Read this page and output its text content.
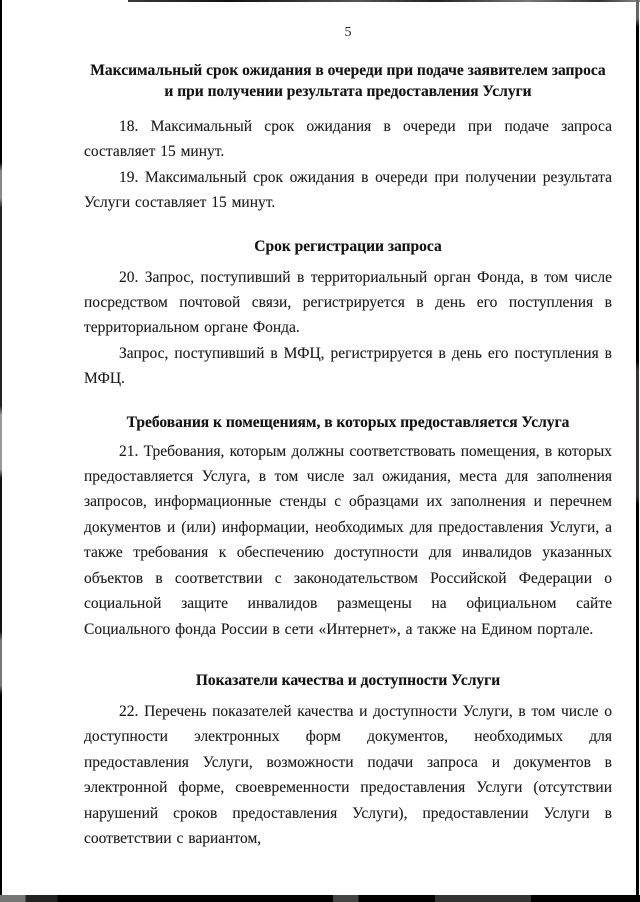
5
Максимальный срок ожидания в очереди при подаче заявителем запроса и при получении результата предоставления Услуги

18. Максимальный срок ожидания в очереди при подаче запроса составляет 15 минут.

19. Максимальный срок ожидания в очереди при получении результата Услуги составляет 15 минут.

Срок регистрации запроса

20. Запрос, поступивший в территориальный орган Фонда, в том числе посредством почтовой связи, регистрируется в день его поступления в территориальном органе Фонда.

Запрос, поступивший в МФЦ, регистрируется в день его поступления в МФЦ.

Требования к помещениям, в которых предоставляется Услуга

21. Требования, которым должны соответствовать помещения, в которых предоставляется Услуга, в том числе зал ожидания, места для заполнения запросов, информационные стенды с образцами их заполнения и перечнем документов и (или) информации, необходимых для предоставления Услуги, а также требования к обеспечению доступности для инвалидов указанных объектов в соответствии с законодательством Российской Федерации о социальной защите инвалидов размещены на официальном сайте Социального фонда России в сети «Интернет», а также на Едином портале.

Показатели качества и доступности Услуги

22. Перечень показателей качества и доступности Услуги, в том числе о доступности электронных форм документов, необходимых для предоставления Услуги, возможности подачи запроса и документов в электронной форме, своевременности предоставления Услуги (отсутствии нарушений сроков предоставления Услуги), предоставлении Услуги в соответствии с вариантом,
